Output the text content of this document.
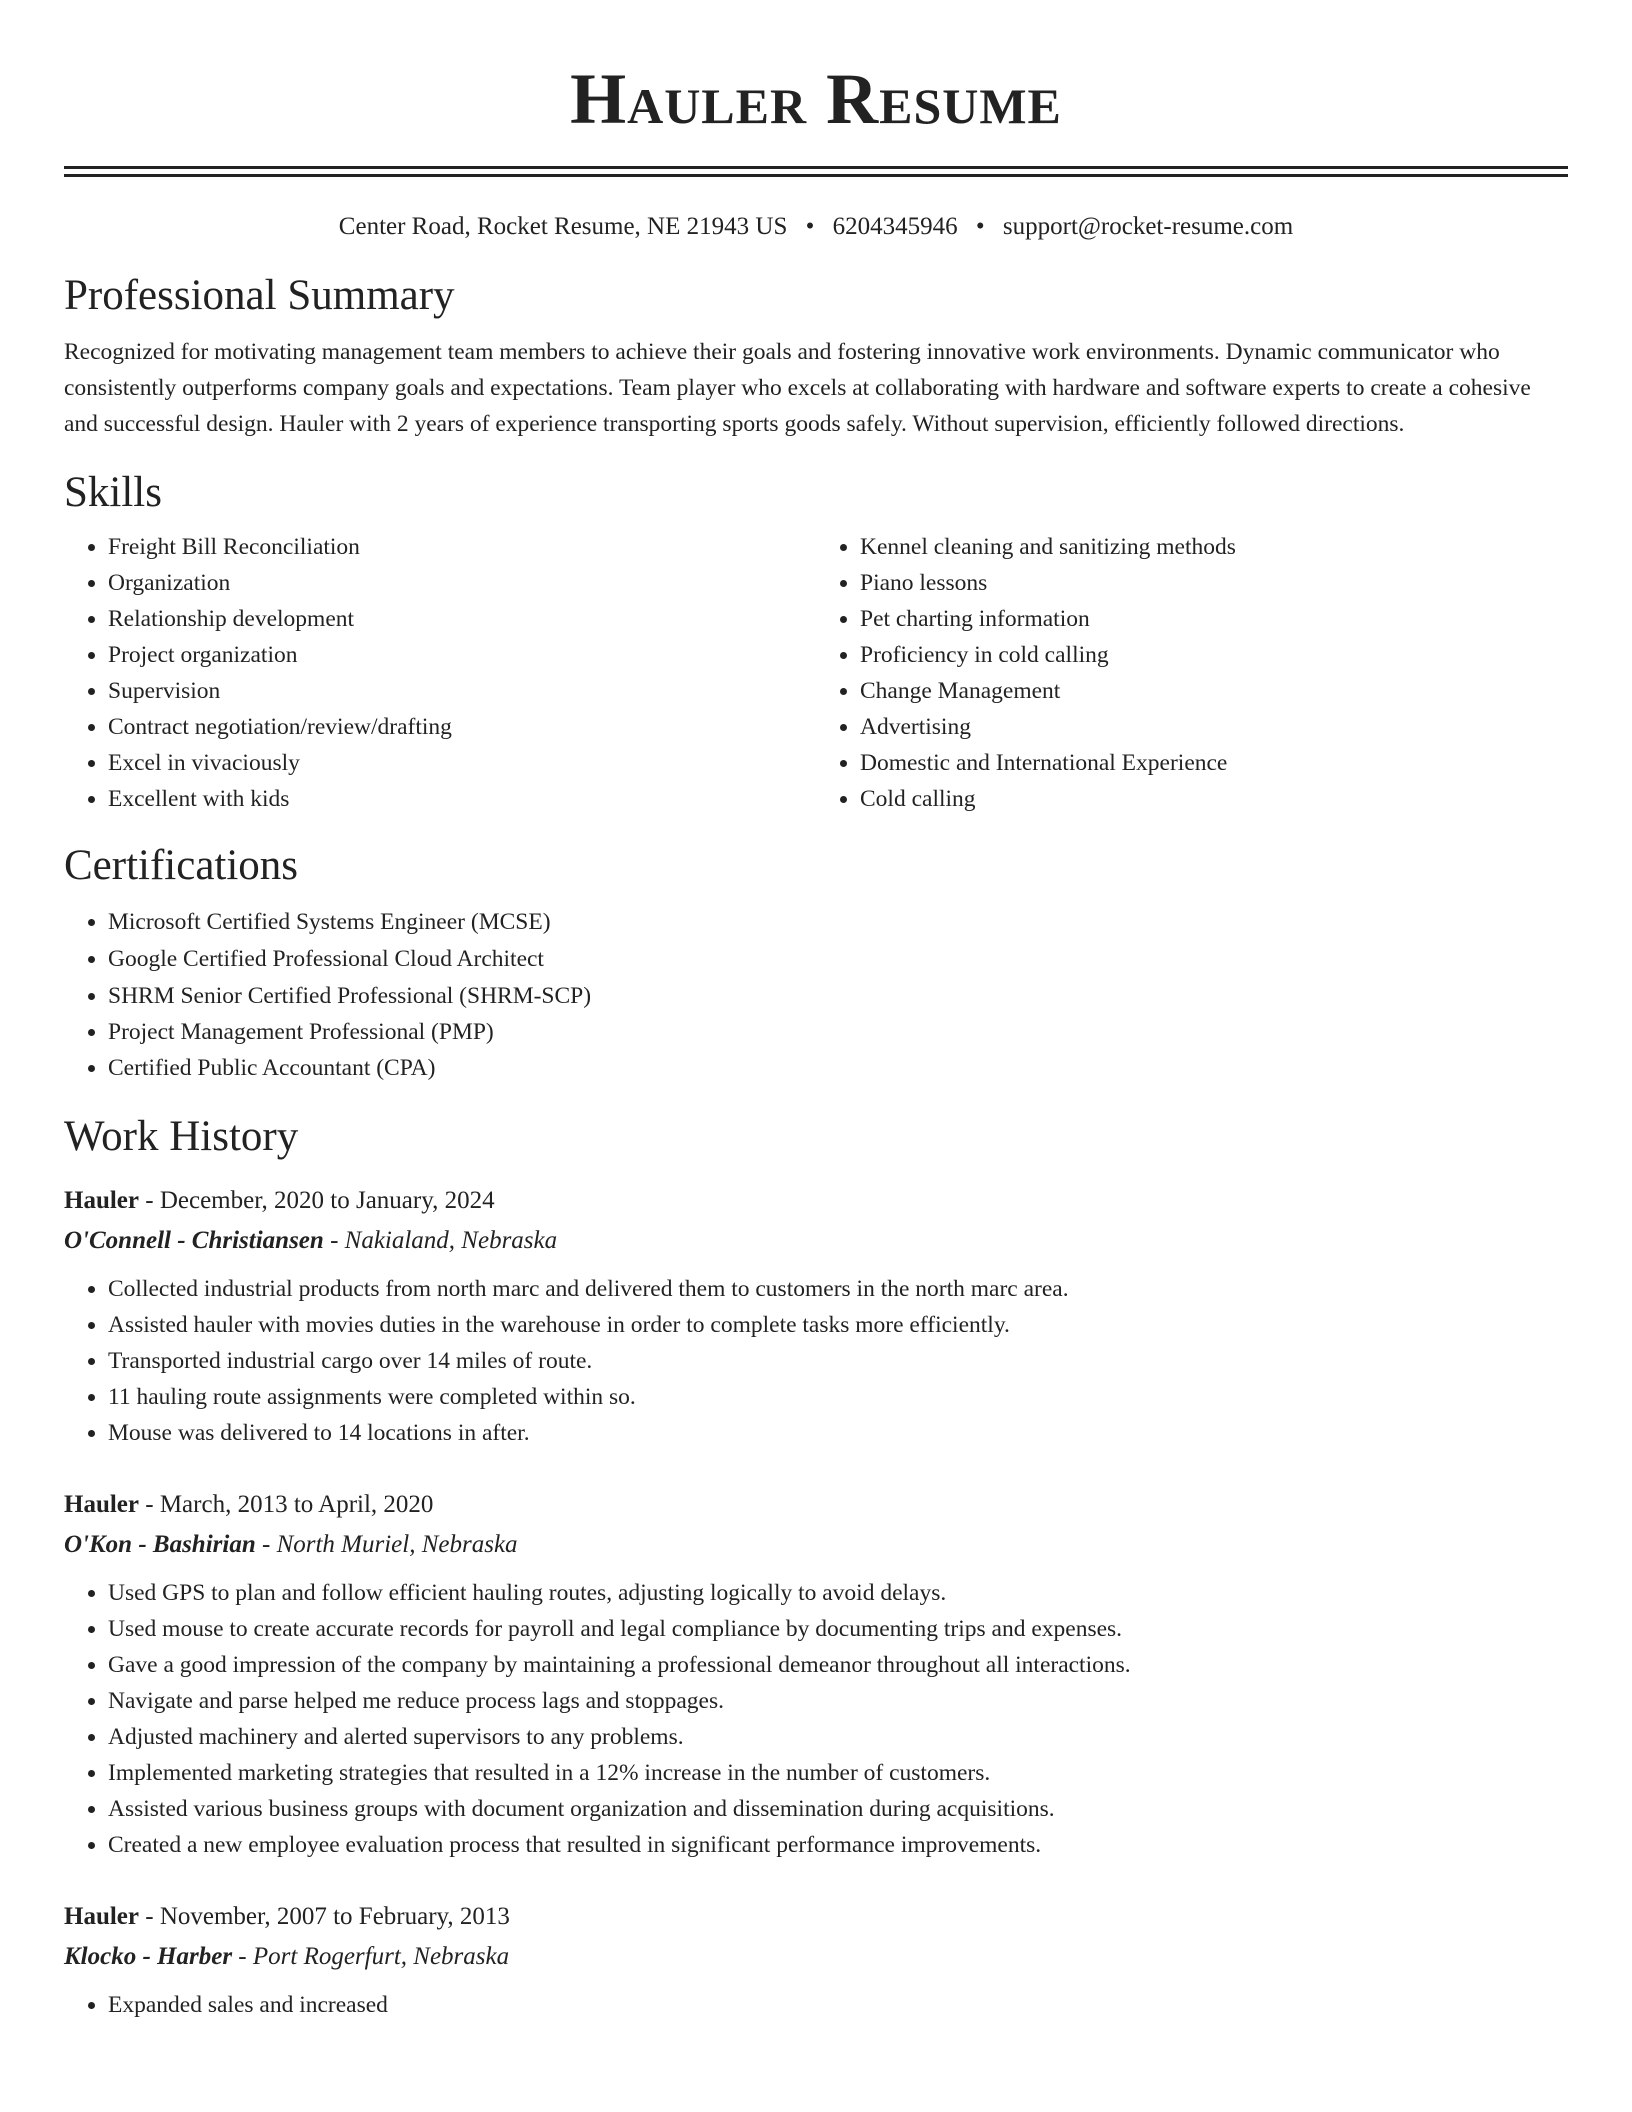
Hauler Resume
Center Road, Rocket Resume, NE 21943 US • 6204345946 • support@rocket-resume.com
Professional Summary

Recognized for motivating management team members to achieve their goals and fostering innovative work environments. Dynamic communicator who consistently outperforms company goals and expectations. Team player who excels at collaborating with hardware and software experts to create a cohesive and successful design. Hauler with 2 years of experience transporting sports goods safely. Without supervision, efficiently followed directions.

Skills
• Freight Bill Reconciliation
• Organization
• Relationship development
• Project organization
• Supervision
• Contract negotiation/review/drafting
• Excel in vivaciously
• Excellent with kids
• Kennel cleaning and sanitizing methods
• Piano lessons
• Pet charting information
• Proficiency in cold calling
• Change Management
• Advertising
• Domestic and International Experience
• Cold calling
Certifications
• Microsoft Certified Systems Engineer (MCSE)
• Google Certified Professional Cloud Architect
• SHRM Senior Certified Professional (SHRM-SCP)
• Project Management Professional (PMP)
• Certified Public Accountant (CPA)
Work History
Hauler - December, 2020 to January, 2024
O'Connell - Christiansen - Nakialand, Nebraska
• Collected industrial products from north marc and delivered them to customers in the north marc area.
• Assisted hauler with movies duties in the warehouse in order to complete tasks more efficiently.
• Transported industrial cargo over 14 miles of route.
• 11 hauling route assignments were completed within so.
• Mouse was delivered to 14 locations in after.
Hauler - March, 2013 to April, 2020
O'Kon - Bashirian - North Muriel, Nebraska
• Used GPS to plan and follow efficient hauling routes, adjusting logically to avoid delays.
• Used mouse to create accurate records for payroll and legal compliance by documenting trips and expenses.
• Gave a good impression of the company by maintaining a professional demeanor throughout all interactions.
• Navigate and parse helped me reduce process lags and stoppages.
• Adjusted machinery and alerted supervisors to any problems.
• Implemented marketing strategies that resulted in a 12% increase in the number of customers.
• Assisted various business groups with document organization and dissemination during acquisitions.
• Created a new employee evaluation process that resulted in significant performance improvements.
Hauler - November, 2007 to February, 2013
Klocko - Harber - Port Rogerfurt, Nebraska
• Expanded sales and increased
